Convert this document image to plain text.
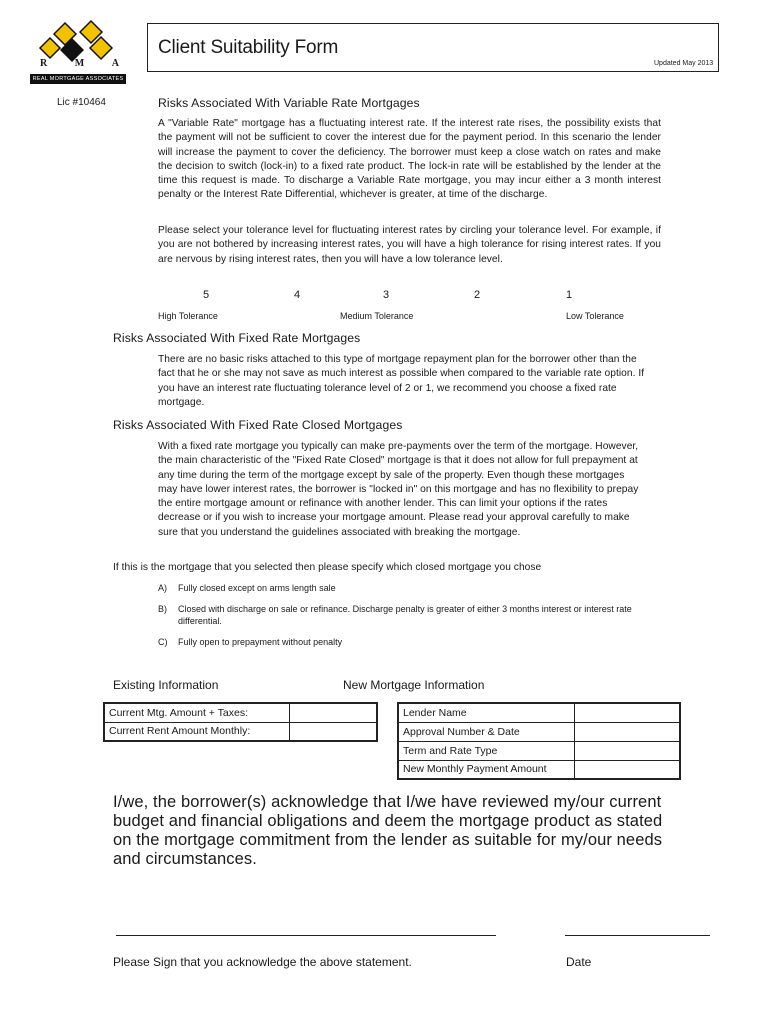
R	M	A
REAL MORTGAGE ASSOCIATES
Client Suitability Form
Updated May 2013
Lic #10464	Risks Associated With Variable Rate Mortgages
A "Variable Rate" mortgage has a fluctuating interest rate. If the interest rate rises, the possibility exists that the payment will not be sufficient to cover the interest due for the payment period. In this scenario the lender will increase the payment to cover the deficiency. The borrower must keep a close watch on rates and make the decision to switch (lock-in) to a fixed rate product. The lock-in rate will be established by the lender at the time this request is made. To discharge a Variable Rate mortgage, you may incur either a 3 month interest penalty or the Interest Rate Differential, whichever is greater, at time of the discharge.
Please select your tolerance level for fluctuating interest rates by circling your tolerance level. For example, if you are not bothered by increasing interest rates, you will have a high tolerance for rising interest rates. If you are nervous by rising interest rates, then you will have a low tolerance level.
5	4	3	2	1
High Tolerance	Medium Tolerance	Low Tolerance
Risks Associated With Fixed Rate Mortgages
There are no basic risks attached to this type of mortgage repayment plan for the borrower other than the fact that he or she may not save as much interest as possible when compared to the variable rate option. If you have an interest rate fluctuating tolerance level of 2 or 1, we recommend you choose a fixed rate mortgage.
Risks Associated With Fixed Rate Closed Mortgages
With a fixed rate mortgage you typically can make pre-payments over the term of the mortgage. However, the main characteristic of the "Fixed Rate Closed" mortgage is that it does not allow for full prepayment at any time during the term of the mortgage except by sale of the property. Even though these mortgages may have lower interest rates, the borrower is "locked in" on this mortgage and has no flexibility to prepay the entire mortgage amount or refinance with another lender. This can limit your options if the rates decrease or if you wish to increase your mortgage amount. Please read your approval carefully to make sure that you understand the guidelines associated with breaking the mortgage.
If this is the mortgage that you selected then please specify which closed mortgage you chose
A) Fully closed except on arms length sale
B) Closed with discharge on sale or refinance. Discharge penalty is greater of either 3 months interest or interest rate differential.
C) Fully open to prepayment without penalty
Existing Information	New Mortgage Information
Current Mtg. Amount + Taxes:	
Current Rent Amount Monthly:	
Lender Name	
Approval Number & Date	
Term and Rate Type	
New Monthly Payment Amount	
I/we, the borrower(s) acknowledge that I/we have reviewed my/our current budget and financial obligations and deem the mortgage product as stated on the mortgage commitment from the lender as suitable for my/our needs and circumstances.
Please Sign that you acknowledge the above statement.	Date
